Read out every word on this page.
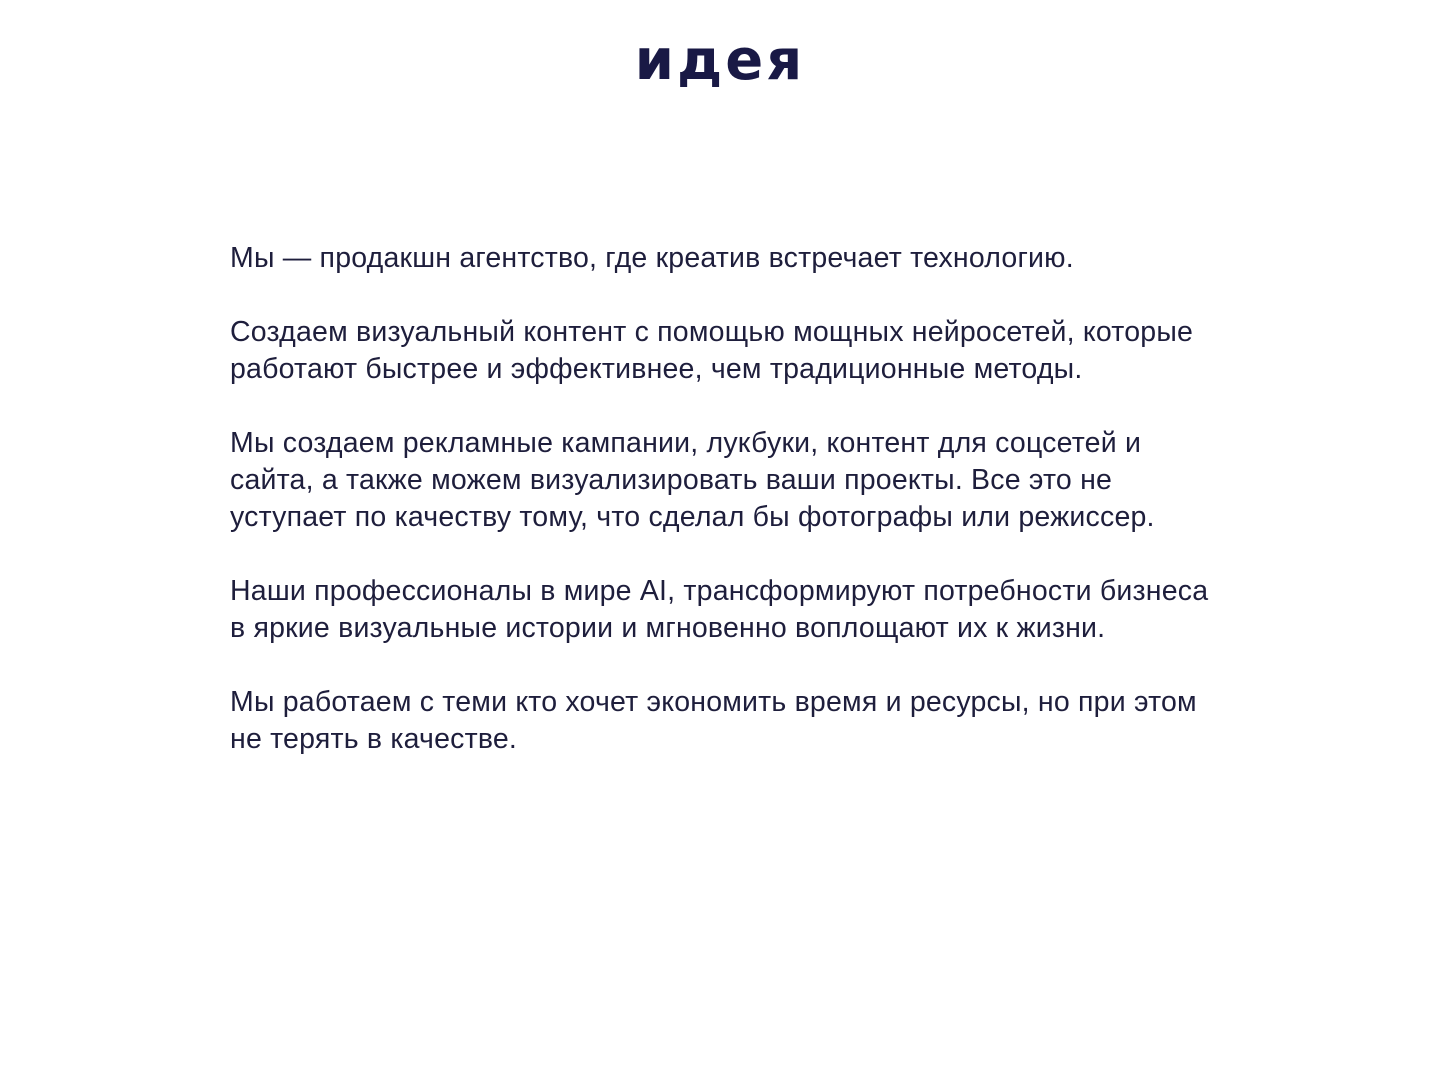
идея

Мы — продакшн агентство, где креатив встречает технологию.

Создаем визуальный контент с помощью мощных нейросетей, которые работают быстрее и эффективнее, чем традиционные методы.

Мы создаем рекламные кампании, лукбуки, контент для соцсетей и сайта, а также можем визуализировать ваши проекты. Все это не уступает по качеству тому, что сделал бы фотографы или режиссер.

Наши профессионалы в мире AI, трансформируют потребности бизнеса в яркие визуальные истории и мгновенно воплощают их к жизни.

Мы работаем с теми кто хочет экономить время и ресурсы, но при этом не терять в качестве.
